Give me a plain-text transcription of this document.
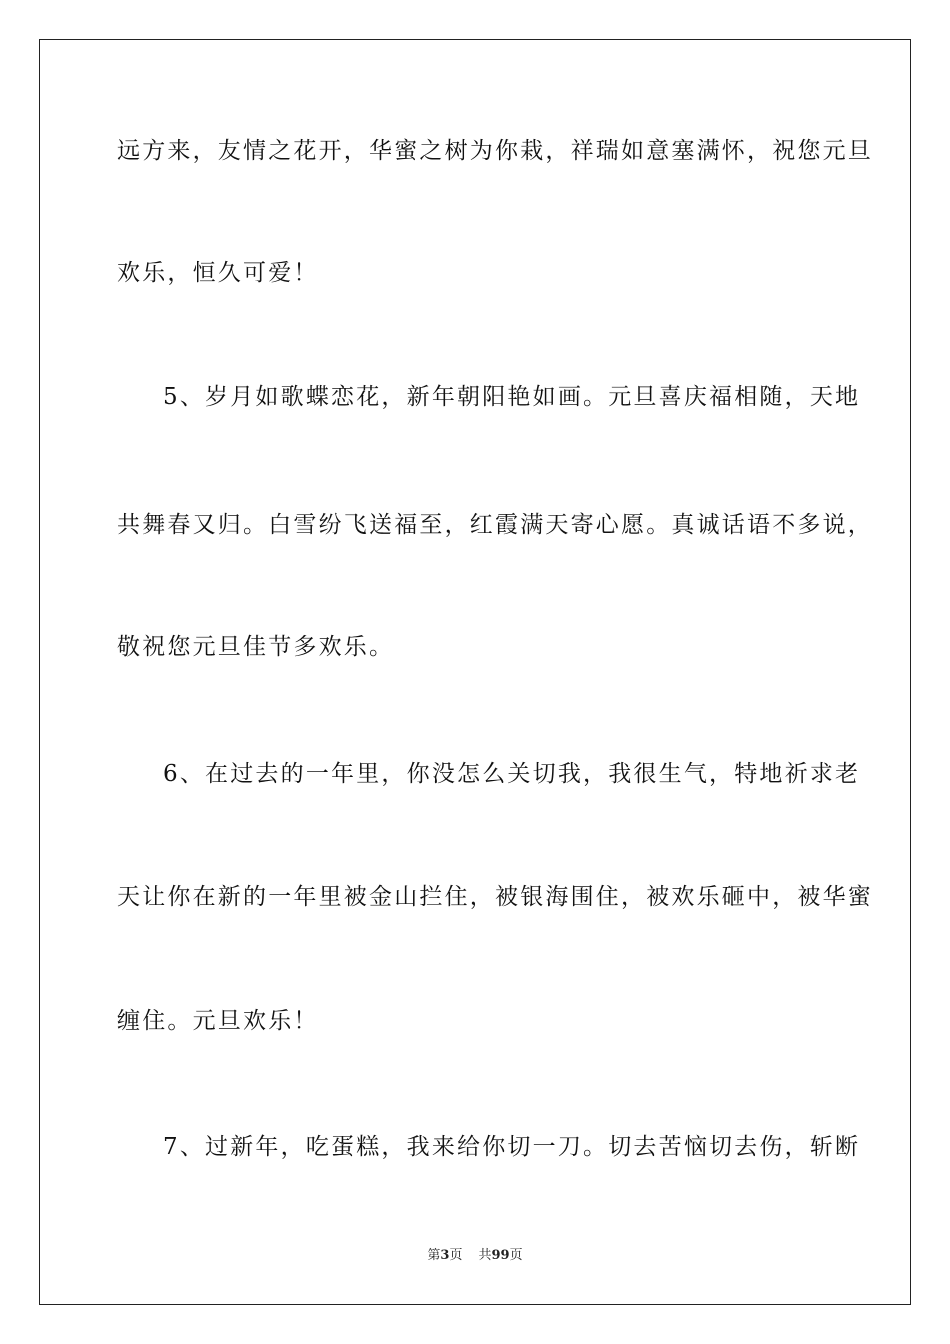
远方来，友情之花开，华蜜之树为你栽，祥瑞如意塞满怀，祝您元旦
欢乐，恒久可爱！
5、岁月如歌蝶恋花，新年朝阳艳如画。元旦喜庆福相随，天地
共舞春又归。白雪纷飞送福至，红霞满天寄心愿。真诚话语不多说，
敬祝您元旦佳节多欢乐。
6、在过去的一年里，你没怎么关切我，我很生气，特地祈求老
天让你在新的一年里被金山拦住，被银海围住，被欢乐砸中，被华蜜
缠住。元旦欢乐！
7、过新年，吃蛋糕，我来给你切一刀。切去苦恼切去伤，斩断
第3页 共99页
